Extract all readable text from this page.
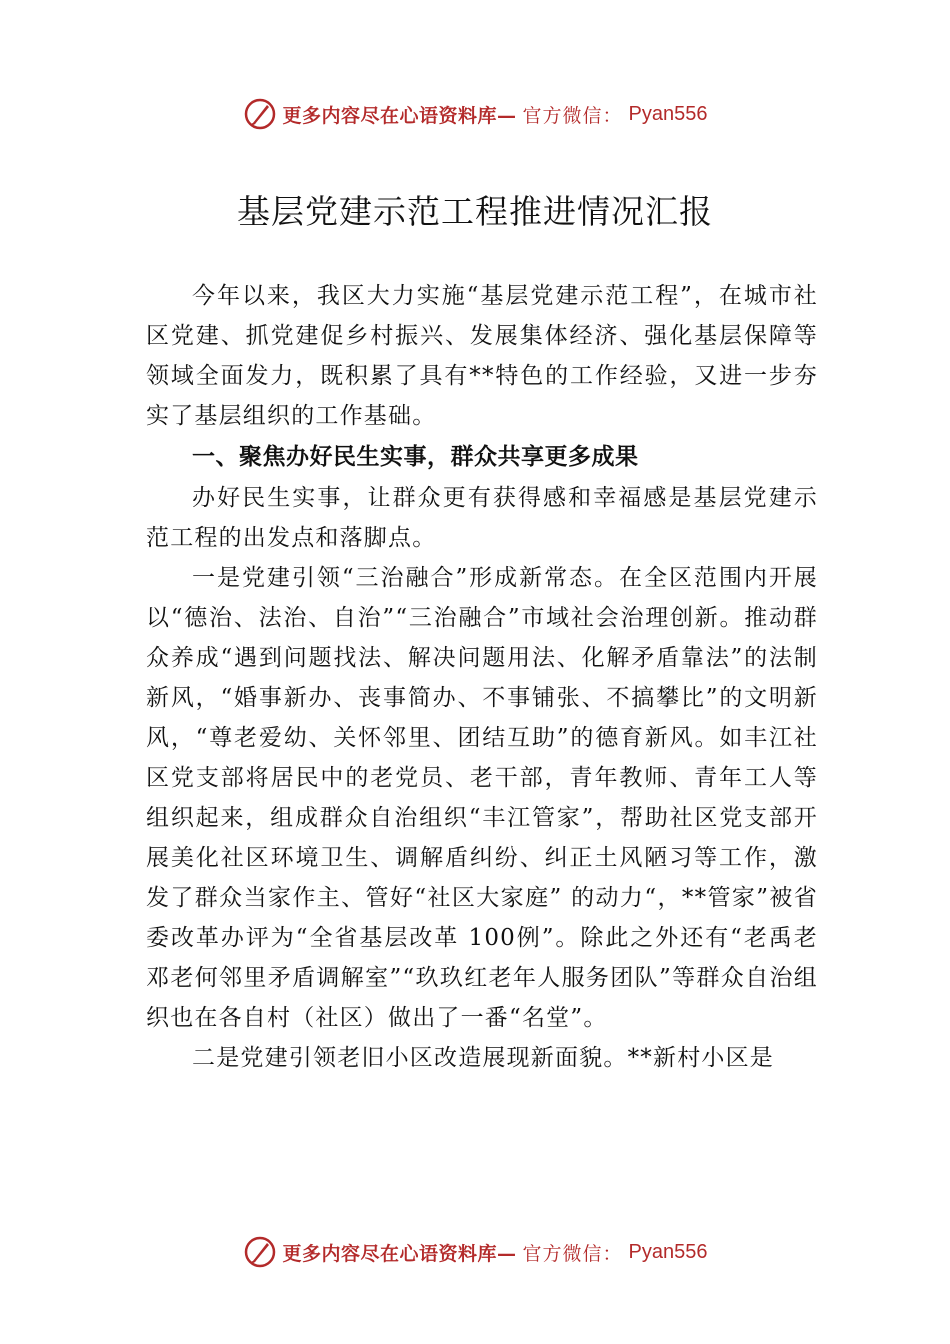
更多内容尽在心语资料库— 官方微信： Pyan556
基层党建示范工程推进情况汇报

今年以来，我区大力实施“基层党建示范工程”，在城市社区党建、抓党建促乡村振兴、发展集体经济、强化基层保障等领域全面发力，既积累了具有**特色的工作经验，又进一步夯实了基层组织的工作基础。

一、聚焦办好民生实事，群众共享更多成果

办好民生实事，让群众更有获得感和幸福感是基层党建示范工程的出发点和落脚点。

一是党建引领“三治融合”形成新常态。在全区范围内开展以“德治、法治、自治”“三治融合”市域社会治理创新。推动群众养成“遇到问题找法、解决问题用法、化解矛盾靠法”的法制新风，“婚事新办、丧事简办、不事铺张、不搞攀比”的文明新风，“尊老爱幼、关怀邻里、团结互助”的德育新风。如丰江社区党支部将居民中的老党员、老干部，青年教师、青年工人等组织起来，组成群众自治组织“丰江管家”，帮助社区党支部开展美化社区环境卫生、调解盾纠纷、纠正土风陋习等工作，激发了群众当家作主、管好“社区大家庭” 的动力“，**管家”被省委改革办评为“全省基层改革 100例”。除此之外还有“老禹老邓老何邻里矛盾调解室”“玖玖红老年人服务团队”等群众自治组织也在各自村（社区）做出了一番“名堂”。

二是党建引领老旧小区改造展现新面貌。**新村小区是

更多内容尽在心语资料库— 官方微信： Pyan556
